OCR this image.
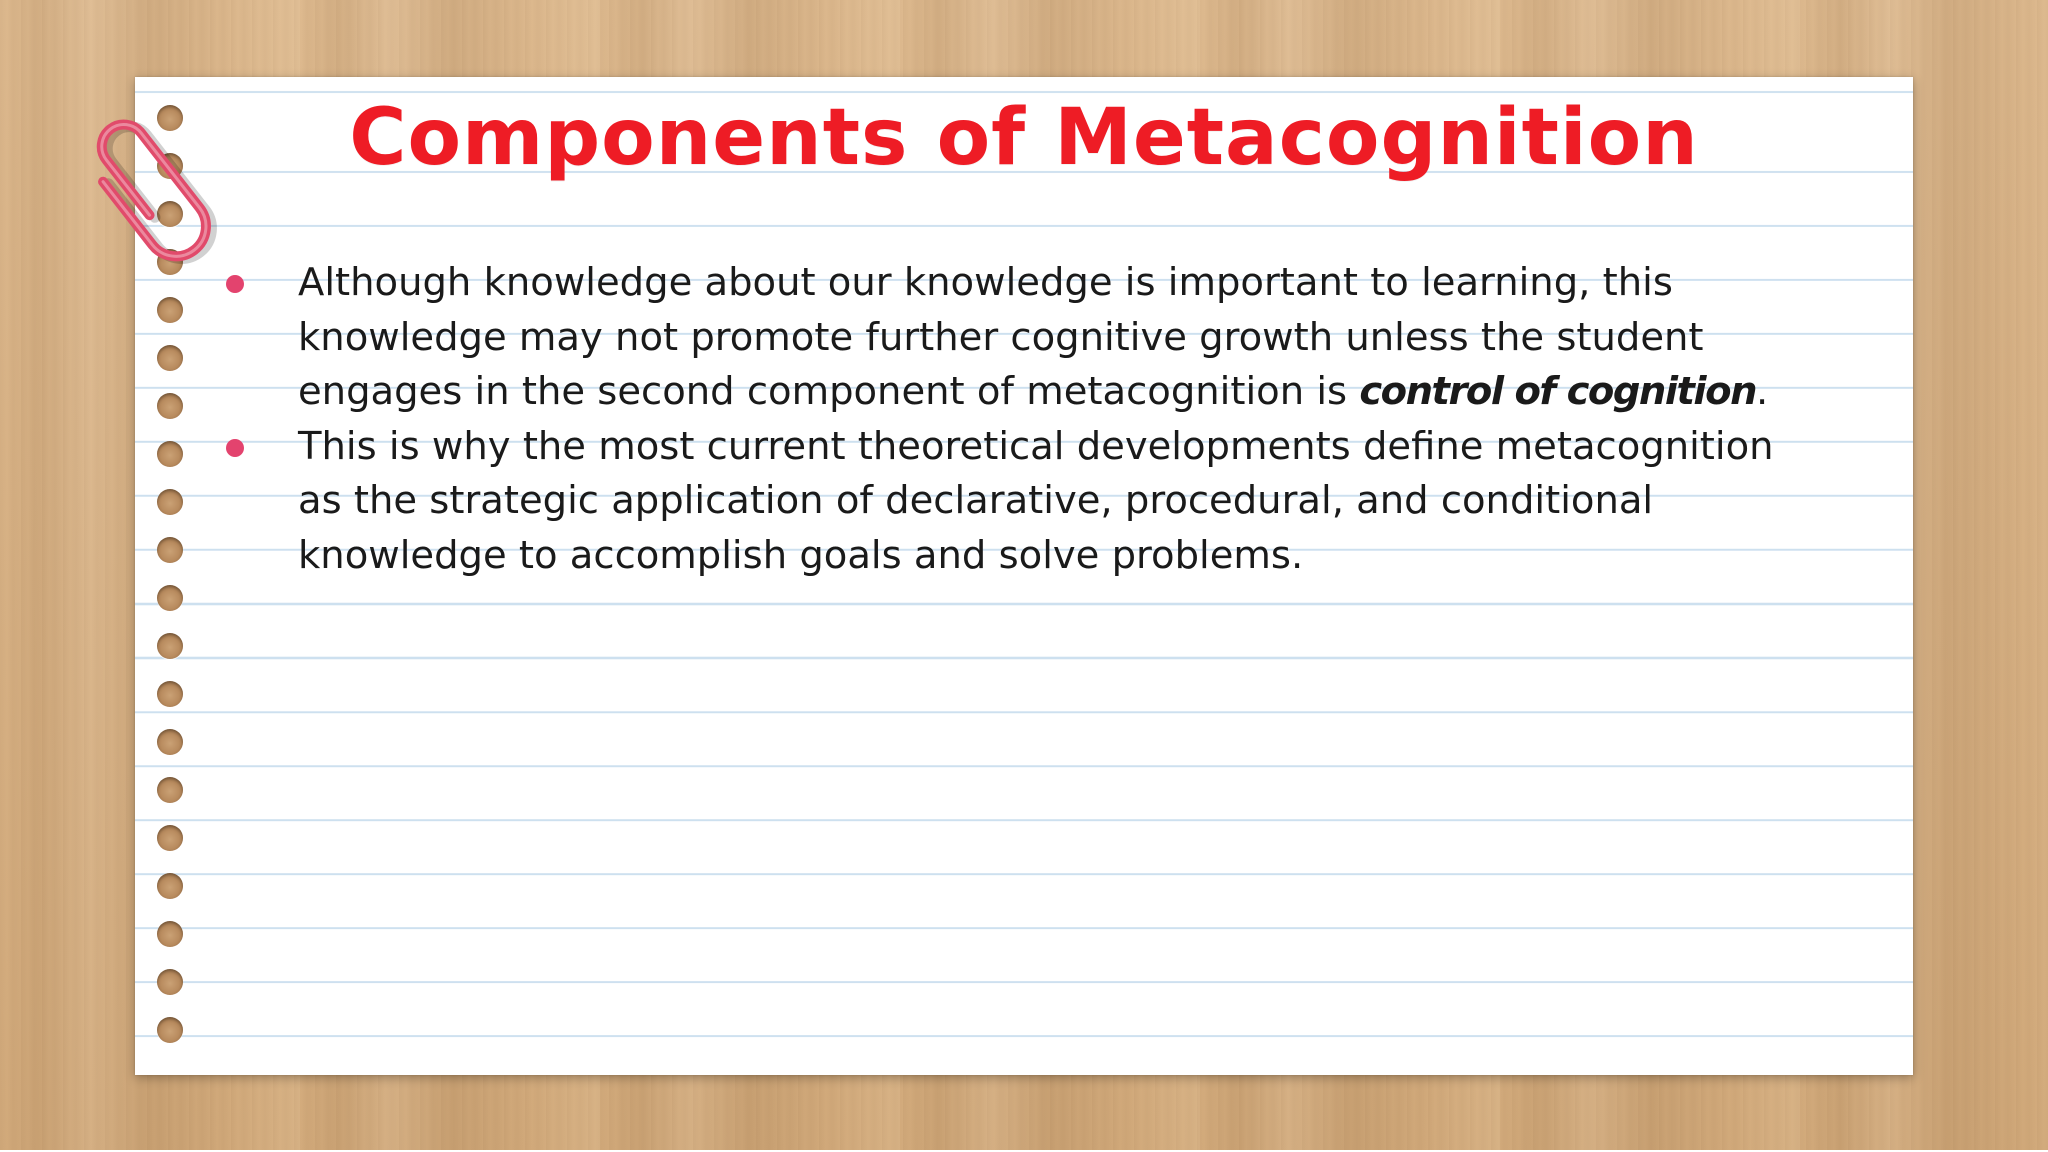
Components of Metacognition
Although knowledge about our knowledge is important to learning, this knowledge may not promote further cognitive growth unless the student engages in the second component of metacognition is control of cognition.
This is why the most current theoretical developments define metacognition as the strategic application of declarative, procedural, and conditional knowledge to accomplish goals and solve problems.
